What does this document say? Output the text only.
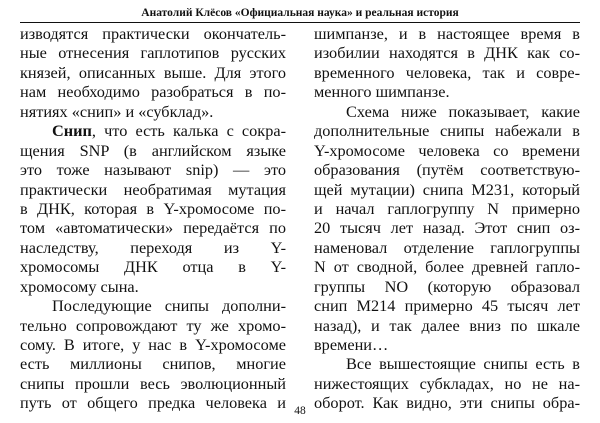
Анатолий Клёсов «Официальная наука» и реальная история
изводятся практически окончатель-
ные отнесения гаплотипов русских
князей, описанных выше. Для этого
нам необходимо разобраться в по-
нятиях «снип» и «субклад».
Снип, что есть калька с сокра-
щения SNP (в английском языке
это тоже называют snip) — это
практически необратимая мутация
в ДНК, которая в Y-хромосоме по-
том «автоматически» передаётся по
наследству, переходя из Y-
хромосомы ДНК отца в Y-
хромосому сына.
Последующие снипы дополни-
тельно сопровождают ту же хромо-
сому. В итоге, у нас в Y-хромосоме
есть миллионы снипов, многие
снипы прошли весь эволюционный
путь от общего предка человека и
шимпанзе, и в настоящее время в
изобилии находятся в ДНК как со-
временного человека, так и совре-
менного шимпанзе.
Схема ниже показывает, какие
дополнительные снипы набежали в
Y-хромосоме человека со времени
образования (путём соответствую-
щей мутации) снипа М231, который
и начал гаплогруппу N примерно
20 тысяч лет назад. Этот снип оз-
наменовал отделение гаплогруппы
N от сводной, более древней гапло-
группы NO (которую образовал
снип М214 примерно 45 тысяч лет
назад), и так далее вниз по шкале
времени…
Все вышестоящие снипы есть в
нижестоящих субкладах, но не на-
оборот. Как видно, эти снипы обра-
48
